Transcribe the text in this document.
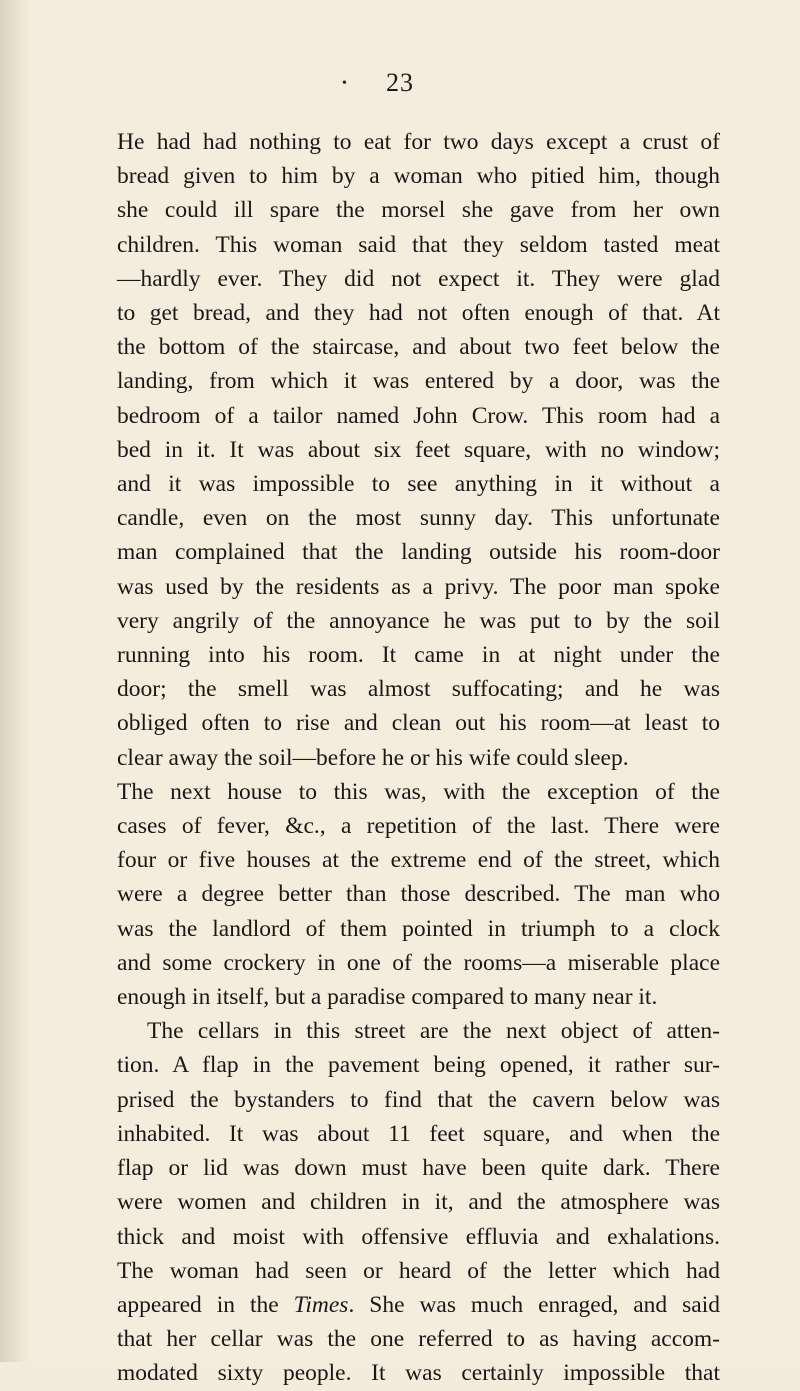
• 23
He had had nothing to eat for two days except a crust of
bread given to him by a woman who pitied him, though
she could ill spare the morsel she gave from her own
children. This woman said that they seldom tasted meat
—hardly ever. They did not expect it. They were glad
to get bread, and they had not often enough of that. At
the bottom of the staircase, and about two feet below the
landing, from which it was entered by a door, was the
bedroom of a tailor named John Crow. This room had a
bed in it. It was about six feet square, with no window;
and it was impossible to see anything in it without a
candle, even on the most sunny day. This unfortunate
man complained that the landing outside his room-door
was used by the residents as a privy. The poor man spoke
very angrily of the annoyance he was put to by the soil
running into his room. It came in at night under the
door; the smell was almost suffocating; and he was
obliged often to rise and clean out his room—at least to
clear away the soil—before he or his wife could sleep.
The next house to this was, with the exception of the
cases of fever, &c., a repetition of the last. There were
four or five houses at the extreme end of the street, which
were a degree better than those described. The man who
was the landlord of them pointed in triumph to a clock
and some crockery in one of the rooms—a miserable place
enough in itself, but a paradise compared to many near it.
The cellars in this street are the next object of atten-
tion. A flap in the pavement being opened, it rather sur-
prised the bystanders to find that the cavern below was
inhabited. It was about 11 feet square, and when the
flap or lid was down must have been quite dark. There
were women and children in it, and the atmosphere was
thick and moist with offensive effluvia and exhalations.
The woman had seen or heard of the letter which had
appeared in the Times. She was much enraged, and said
that her cellar was the one referred to as having accom-
modated sixty people. It was certainly impossible that
